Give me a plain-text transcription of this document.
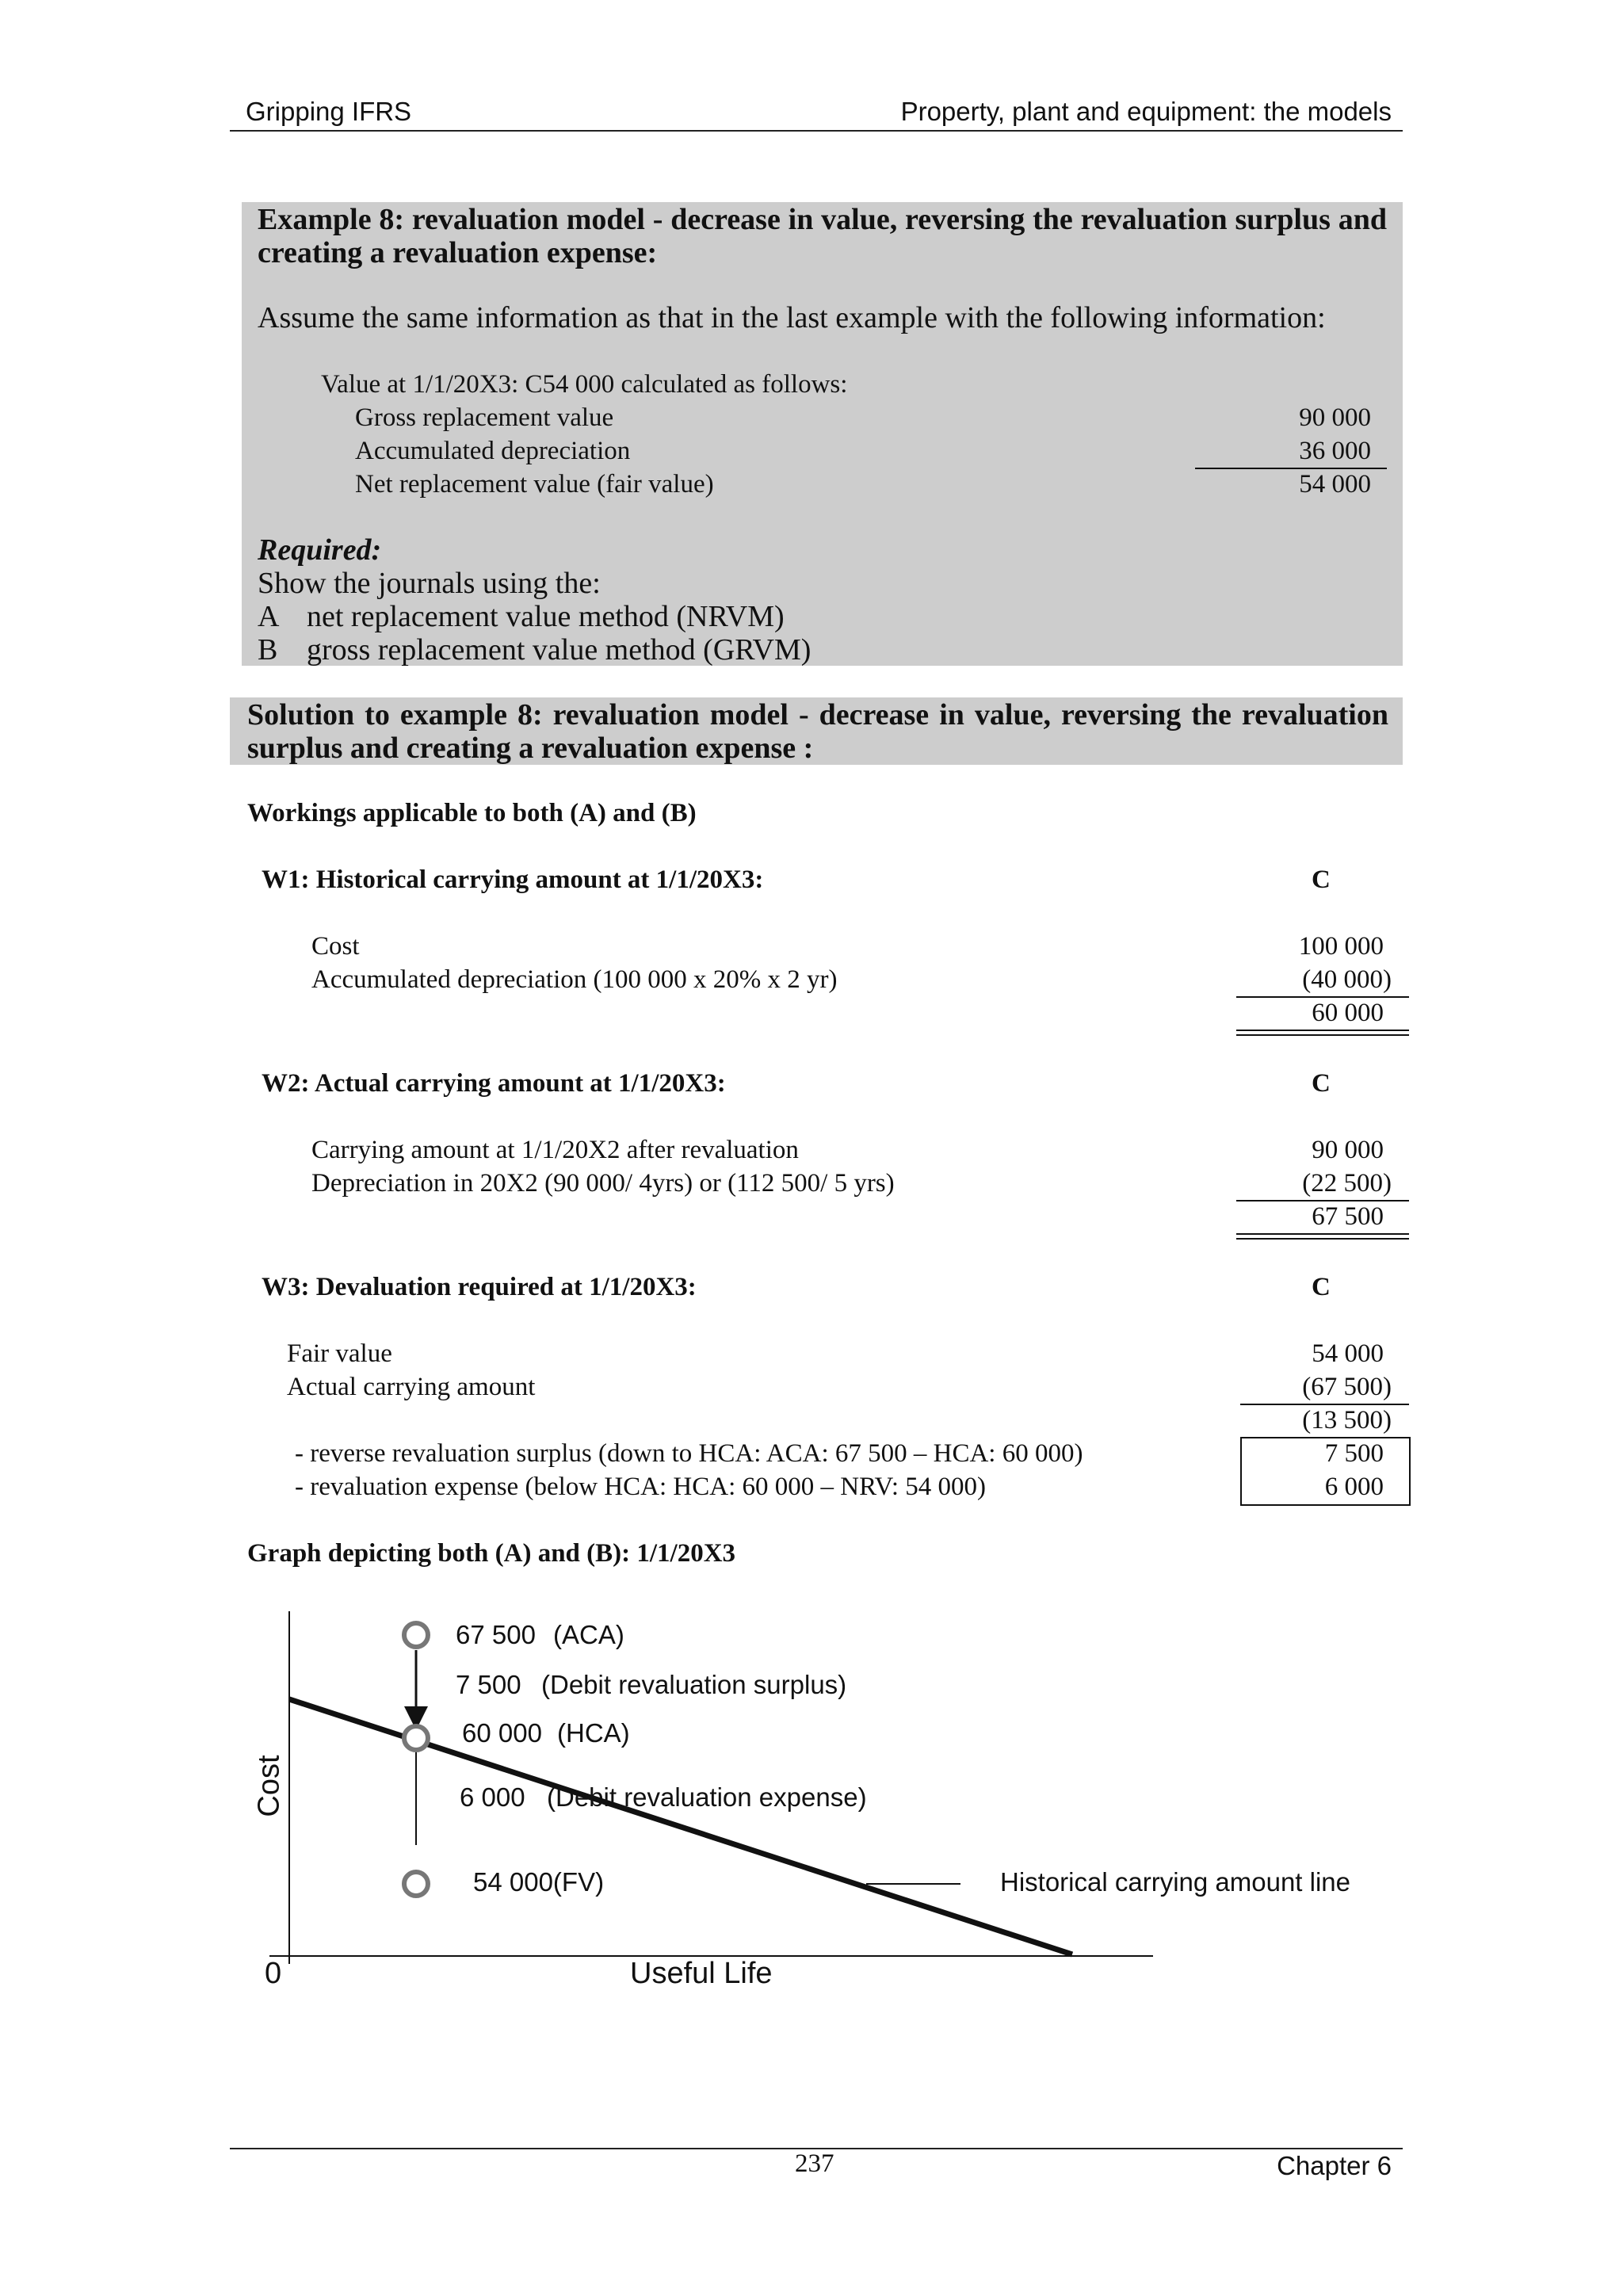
Gripping IFRS	Property, plant and equipment: the models
Example 8: revaluation model - decrease in value, reversing the revaluation surplus and creating a revaluation expense:
Assume the same information as that in the last example with the following information:
Value at 1/1/20X3: C54 000 calculated as follows:
Gross replacement value	90 000
Accumulated depreciation	36 000
Net replacement value (fair value)	54 000
Required:
Show the journals using the:
A net replacement value method (NRVM)
B gross replacement value method (GRVM)
Solution to example 8: revaluation model - decrease in value, reversing the revaluation surplus and creating a revaluation expense :
Workings applicable to both (A) and (B)
W1: Historical carrying amount at 1/1/20X3:	C
Cost	100 000
Accumulated depreciation (100 000 x 20% x 2 yr)	(40 000)
60 000
W2: Actual carrying amount at 1/1/20X3:	C
Carrying amount at 1/1/20X2 after revaluation	90 000
Depreciation in 20X2 (90 000/ 4yrs) or (112 500/ 5 yrs)	(22 500)
67 500
W3: Devaluation required at 1/1/20X3:	C
Fair value	54 000
Actual carrying amount	(67 500)
(13 500)
- reverse revaluation surplus (down to HCA: ACA: 67 500 – HCA: 60 000)	7 500
- revaluation expense (below HCA: HCA: 60 000 – NRV: 54 000)	6 000
Graph depicting both (A) and (B): 1/1/20X3
67 500 (ACA)
7 500 (Debit revaluation surplus)
60 000 (HCA)
6 000 (Debit revaluation expense)
54 000(FV)	Historical carrying amount line
Cost
Useful Life
0
237	Chapter 6
